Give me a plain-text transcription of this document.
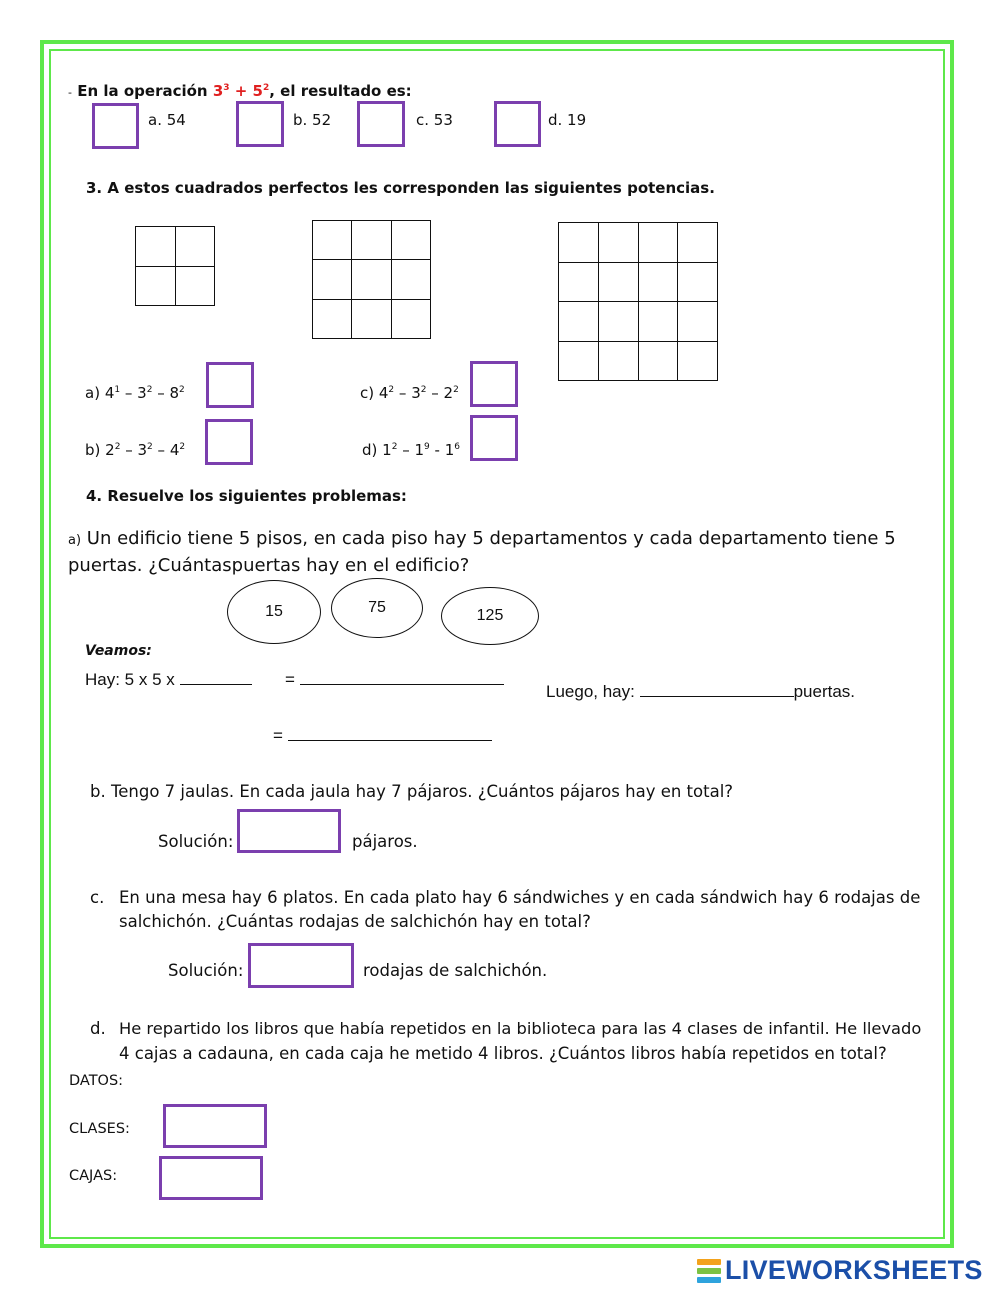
- En la operación $3^3 + 5^2$, el resultado es:
a. 54	b. 52	c. 53	d. 19
3. A estos cuadrados perfectos les corresponden las siguientes potencias.

a) $4^1 - 3^2 - 8^2$	c) $4^2 - 3^2 - 2^2$
b) $2^2 - 3^2 - 4^2$	d) $1^2 - 1^9 - 1^6$
4. Resuelve los siguientes problemas:
a) Un edificio tiene 5 pisos, en cada piso hay 5 departamentos y cada departamento tiene 5
puertas. ¿Cuántaspuertas hay en el edificio?
15	75	125
Veamos:
Hay: 5 x 5 x	=
Luego, hay:	puertas.
=
b. Tengo 7 jaulas. En cada jaula hay 7 pájaros. ¿Cuántos pájaros hay en total?
Solución:	pájaros.
c. En una mesa hay 6 platos. En cada plato hay 6 sándwiches y en cada sándwich hay 6 rodajas de
salchichón. ¿Cuántas rodajas de salchichón hay en total?
Solución:	rodajas de salchichón.
d. He repartido los libros que había repetidos en la biblioteca para las 4 clases de infantil. He llevado
4 cajas a cadauna, en cada caja he metido 4 libros. ¿Cuántos libros había repetidos en total?
DATOS:
CLASES:
CAJAS:
LIVEWORKSHEETS
